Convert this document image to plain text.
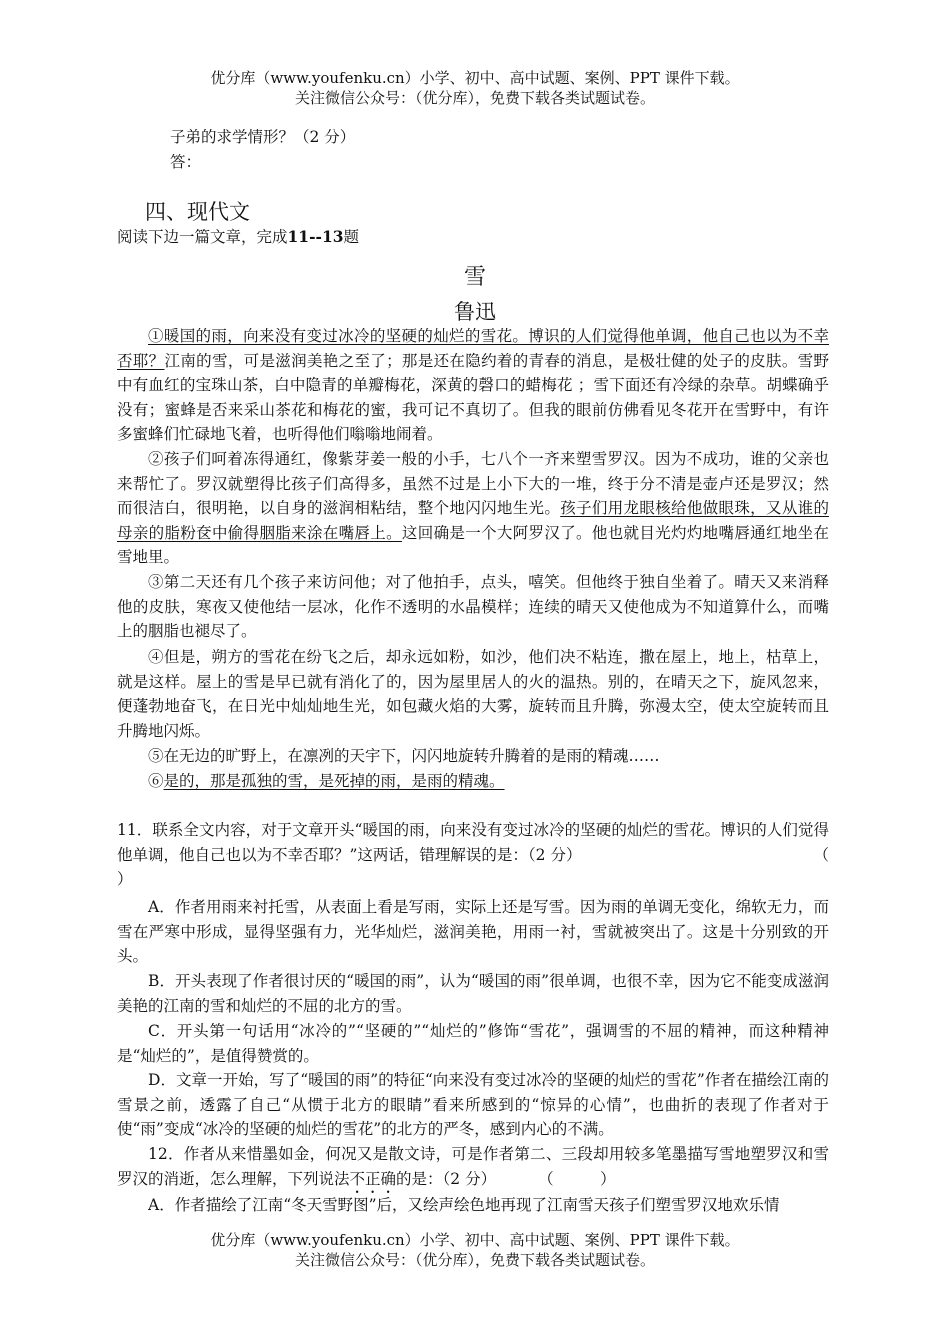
优分库（www.youfenku.cn）小学、初中、高中试题、案例、PPT 课件下载。
关注微信公众号：（优分库），免费下载各类试题试卷。
子弟的求学情形？（2 分）
答：
四、现代文
阅读下边一篇文章，完成11--13题
雪
鲁迅

①暖国的雨，向来没有变过冰冷的坚硬的灿烂的雪花。博识的人们觉得他单调，他自己也以为不幸否耶？江南的雪，可是滋润美艳之至了；那是还在隐约着的青春的消息，是极壮健的处子的皮肤。雪野中有血红的宝珠山茶，白中隐青的单瓣梅花，深黄的磬口的蜡梅花 ；雪下面还有冷绿的杂草。胡蝶确乎没有；蜜蜂是否来采山茶花和梅花的蜜，我可记不真切了。但我的眼前仿佛看见冬花开在雪野中，有许多蜜蜂们忙碌地飞着，也听得他们嗡嗡地闹着。

②孩子们呵着冻得通红，像紫芽姜一般的小手，七八个一齐来塑雪罗汉。因为不成功，谁的父亲也来帮忙了。罗汉就塑得比孩子们高得多，虽然不过是上小下大的一堆，终于分不清是壶卢还是罗汉；然而很洁白，很明艳，以自身的滋润相粘结，整个地闪闪地生光。孩子们用龙眼核给他做眼珠，又从谁的母亲的脂粉奁中偷得胭脂来涂在嘴唇上。这回确是一个大阿罗汉了。他也就目光灼灼地嘴唇通红地坐在雪地里。

③第二天还有几个孩子来访问他；对了他拍手，点头，嘻笑。但他终于独自坐着了。晴天又来消释他的皮肤，寒夜又使他结一层冰，化作不透明的水晶模样；连续的晴天又使他成为不知道算什么，而嘴上的胭脂也褪尽了。

④但是，朔方的雪花在纷飞之后，却永远如粉，如沙，他们决不粘连，撒在屋上，地上，枯草上，就是这样。屋上的雪是早已就有消化了的，因为屋里居人的火的温热。别的，在晴天之下，旋风忽来，便蓬勃地奋飞，在日光中灿灿地生光，如包藏火焰的大雾，旋转而且升腾，弥漫太空，使太空旋转而且升腾地闪烁。

⑤在无边的旷野上，在凛冽的天宇下，闪闪地旋转升腾着的是雨的精魂……

⑥是的，那是孤独的雪，是死掉的雨，是雨的精魂。

11．联系全文内容，对于文章开头“暖国的雨，向来没有变过冰冷的坚硬的灿烂的雪花。博识的人们觉得他单调，他自己也以为不幸否耶？”这两话，错理解误的是：（2 分）	（

）

A．作者用雨来衬托雪，从表面上看是写雨，实际上还是写雪。因为雨的单调无变化，绵软无力，而雪在严寒中形成，显得坚强有力，光华灿烂，滋润美艳，用雨一衬，雪就被突出了。这是十分别致的开头。

B．开头表现了作者很讨厌的“暖国的雨”，认为“暖国的雨”很单调，也很不幸，因为它不能变成滋润美艳的江南的雪和灿烂的不屈的北方的雪。

C．开头第一句话用“冰冷的”“坚硬的”“灿烂的”修饰“雪花”，强调雪的不屈的精神，而这种精神是“灿烂的”，是值得赞赏的。

D．文章一开始，写了“暖国的雨”的特征“向来没有变过冰冷的坚硬的灿烂的雪花”作者在描绘江南的雪景之前，透露了自己“从惯于北方的眼睛”看来所感到的“惊异的心情”，也曲折的表现了作者对于使“雨”变成“冰冷的坚硬的灿烂的雪花”的北方的严冬，感到内心的不满。

12．作者从来惜墨如金，何况又是散文诗，可是作者第二、三段却用较多笔墨描写雪地塑罗汉和雪罗汉的消逝，怎么理解，下列说法不正确的是：（2 分）	（　　　）

A．作者描绘了江南“冬天雪野图”后，又绘声绘色地再现了江南雪天孩子们塑雪罗汉地欢乐情
优分库（www.youfenku.cn）小学、初中、高中试题、案例、PPT 课件下载。
关注微信公众号：（优分库），免费下载各类试题试卷。
